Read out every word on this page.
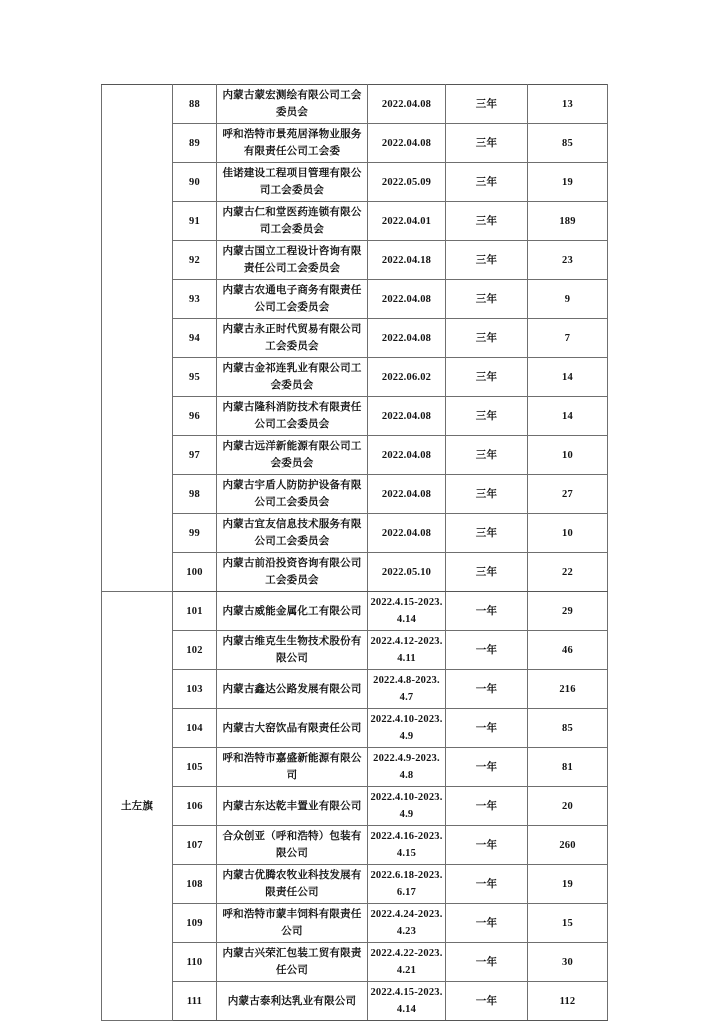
	88	内蒙古蒙宏测绘有限公司工会委员会	2022.04.08	三年	13
	89	呼和浩特市景苑居泽物业服务有限责任公司工会委	2022.04.08	三年	85
	90	佳诺建设工程项目管理有限公司工会委员会	2022.05.09	三年	19
	91	内蒙古仁和堂医药连锁有限公司工会委员会	2022.04.01	三年	189
	92	内蒙古国立工程设计咨询有限责任公司工会委员会	2022.04.18	三年	23
	93	内蒙古农通电子商务有限责任公司工会委员会	2022.04.08	三年	9
	94	内蒙古永正时代贸易有限公司工会委员会	2022.04.08	三年	7
	95	内蒙古金祁连乳业有限公司工会委员会	2022.06.02	三年	14
	96	内蒙古隆科消防技术有限责任公司工会委员会	2022.04.08	三年	14
	97	内蒙古远洋新能源有限公司工会委员会	2022.04.08	三年	10
	98	内蒙古宇盾人防防护设备有限公司工会委员会	2022.04.08	三年	27
	99	内蒙古宜友信息技术服务有限公司工会委员会	2022.04.08	三年	10
	100	内蒙古前沿投资咨询有限公司工会委员会	2022.05.10	三年	22
土左旗	101	内蒙古威能金属化工有限公司	2022.4.15-2023.4.14	一年	29
	102	内蒙古维克生生物技术股份有限公司	2022.4.12-2023.4.11	一年	46
	103	内蒙古鑫达公路发展有限公司	2022.4.8-2023.4.7	一年	216
	104	内蒙古大窑饮品有限责任公司	2022.4.10-2023.4.9	一年	85
	105	呼和浩特市嘉盛新能源有限公司	2022.4.9-2023.4.8	一年	81
	106	内蒙古东达乾丰置业有限公司	2022.4.10-2023.4.9	一年	20
	107	合众创亚（呼和浩特）包装有限公司	2022.4.16-2023.4.15	一年	260
	108	内蒙古优腾农牧业科技发展有限责任公司	2022.6.18-2023.6.17	一年	19
	109	呼和浩特市蒙丰饲料有限责任公司	2022.4.24-2023.4.23	一年	15
	110	内蒙古兴荣汇包装工贸有限责任公司	2022.4.22-2023.4.21	一年	30
	111	内蒙古泰利达乳业有限公司	2022.4.15-2023.4.14	一年	112
